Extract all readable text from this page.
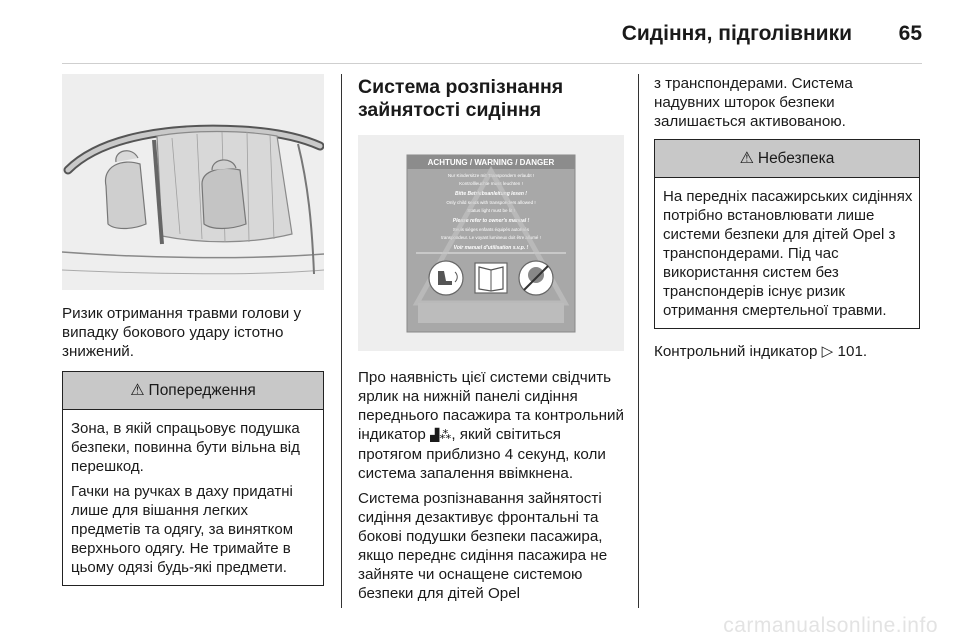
Сидіння, підголівники 65

Ризик отримання травми голови у випадку бокового удару істотно знижений.

⚠ Попередження

Зона, в якій спрацьовує подушка безпеки, повинна бути вільна від перешкод.

Гачки на ручках в даху придатні лише для вішання легких предметів та одягу, за винятком верхнього одягу. Не тримайте в цьому одязі будь-які предмети.

Система розпізнання зайнятості сидіння
ACHTUNG / WARNING / DANGER
Nur Kindersitze mit Transpondern erlaubt !
Kontrollleuchte muss leuchten !
Bitte Betriebsanleitung lesen !
Only child seats with transponders allowed !
Status light must be lit !
Please refer to owner's manual !
Seuls sièges enfants équipés autorisés
transpondeur. Le voyant lumineux doit être allumé !
Voir manuel d'utilisation s.v.p. !

Про наявність цієї системи свідчить ярлик на нижній панелі сидіння переднього пасажира та контрольний індикатор ▟⁂, який світиться протягом приблизно 4 секунд, коли система запалення ввімкнена.

Система розпізнавання зайнятості сидіння дезактивує фронтальні та бокові подушки безпеки пасажира, якщо переднє сидіння пасажира не зайняте чи оснащене системою безпеки для дітей Opel

з транспондерами. Система надувних шторок безпеки залишається активованою.

⚠ Небезпека

На передніх пасажирських сидіннях потрібно встановлювати лише системи безпеки для дітей Opel з транспондерами. Під час використання систем без транспондерів існує ризик отримання смертельної травми.

Контрольний індикатор ▷ 101.

carmanualsonline.info
